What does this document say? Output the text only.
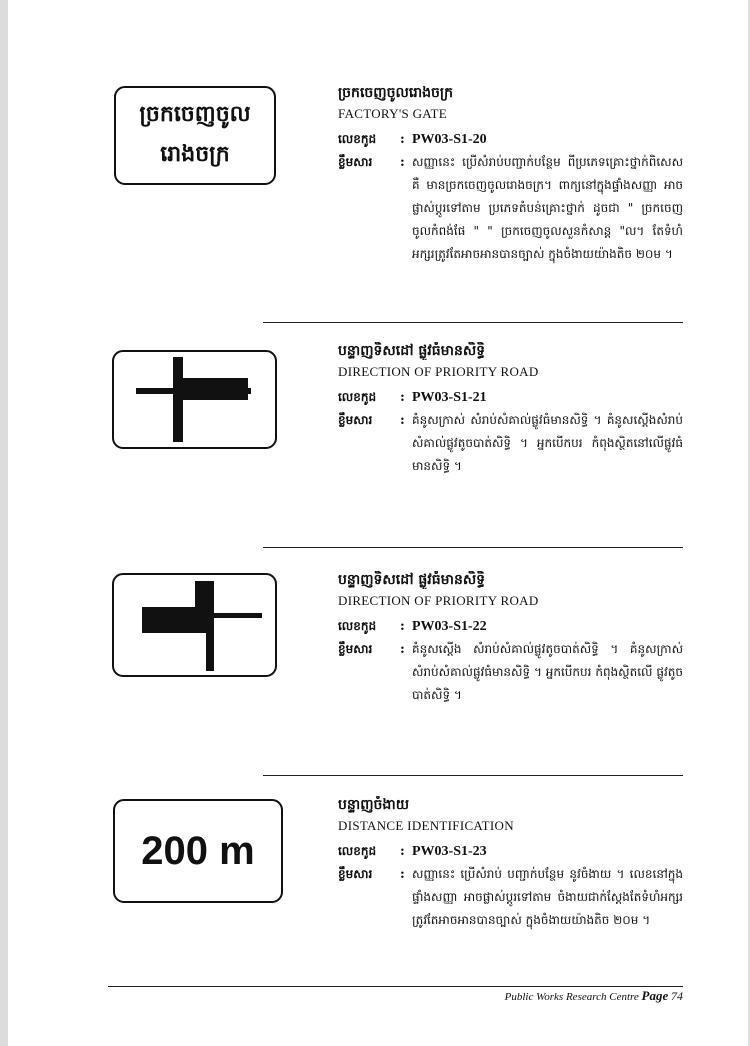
ច្រកចេញចូល
រោងចក្រ
ច្រកចេញចូលរោងចក្រ
FACTORY'S GATE
លេខកូដ	: PW03-S1-20
ខ្លឹមសារ	: សញ្ញានេះ ប្រើសំរាប់បញ្ជាក់បន្ថែម ពីប្រភេទគ្រោះថ្នាក់ពិសេស គឺ មានច្រកចេញចូលរោងចក្រ។ ពាក្យនៅក្នុងផ្ទាំងសញ្ញា អាចផ្លាស់ប្តូរទៅតាម ប្រភេទតំបន់គ្រោះថ្នាក់ ដូចជា " ច្រកចេញចូលកំពង់ផែ " " ច្រកចេញចូលសួនកំសាន្ត "ល។ តែទំហំអក្សរត្រូវតែអាចអានបានច្បាស់ ក្នុងចំងាយយ៉ាងតិច ២០ម ។
បន្ទាញទិសដៅ ផ្លូវធំមានសិទ្ធិ
DIRECTION OF PRIORITY ROAD
លេខកូដ	: PW03-S1-21
ខ្លឹមសារ	: គំនូសក្រាស់ សំរាប់សំគាល់ផ្លូវធំមានសិទ្ធិ ។ គំនូសស្តើងសំរាប់សំគាល់ផ្លូវតូចបាត់សិទ្ធិ ។ អ្នកបើកបរ កំពុងស្ថិតនៅលើផ្លូវធំមានសិទ្ធិ ។
បន្ទាញទិសដៅ ផ្លូវធំមានសិទ្ធិ
DIRECTION OF PRIORITY ROAD
លេខកូដ	: PW03-S1-22
ខ្លឹមសារ	: គំនូសស្តើង សំរាប់សំគាល់ផ្លូវតូចបាត់សិទ្ធិ ។ គំនូសក្រាស់ សំរាប់សំគាល់ផ្លូវធំមានសិទ្ធិ ។ អ្នកបើកបរ កំពុងស្ថិតលើ ផ្លូវតូចបាត់សិទ្ធិ ។
200 m
បន្ទាញចំងាយ
DISTANCE IDENTIFICATION
លេខកូដ	: PW03-S1-23
ខ្លឹមសារ	: សញ្ញានេះ ប្រើសំរាប់ បញ្ជាក់បន្ថែម នូវចំងាយ ។ លេខនៅក្នុងផ្ទាំងសញ្ញា អាចផ្លាស់ប្តូរទៅតាម ចំងាយជាក់ស្តែងតែទំហំអក្សរ ត្រូវតែអាចអានបានច្បាស់ ក្នុងចំងាយយ៉ាងតិច ២០ម ។
Public Works Research Centre Page 74
